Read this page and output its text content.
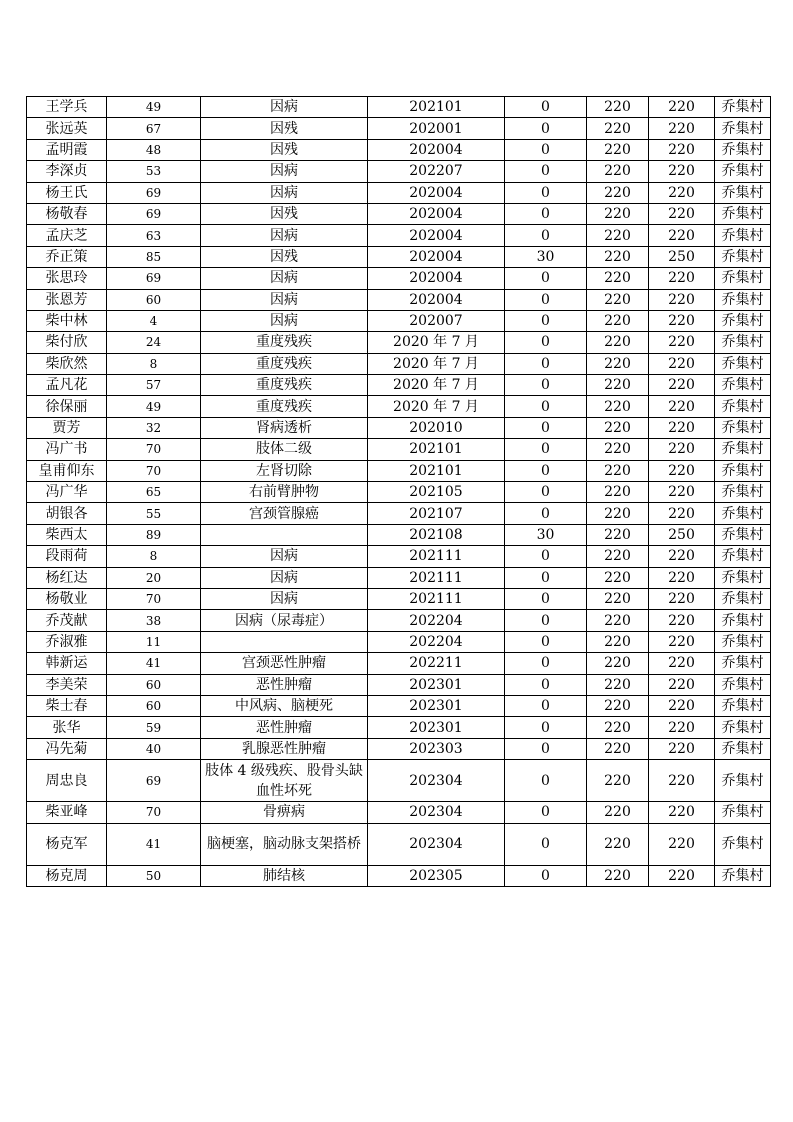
王学兵	49	因病	202101	0	220	220	乔集村
张远英	67	因残	202001	0	220	220	乔集村
孟明霞	48	因残	202004	0	220	220	乔集村
李深贞	53	因病	202207	0	220	220	乔集村
杨王氏	69	因病	202004	0	220	220	乔集村
杨敬春	69	因残	202004	0	220	220	乔集村
孟庆芝	63	因病	202004	0	220	220	乔集村
乔正策	85	因残	202004	30	220	250	乔集村
张思玲	69	因病	202004	0	220	220	乔集村
张恩芳	60	因病	202004	0	220	220	乔集村
柴中林	4	因病	202007	0	220	220	乔集村
柴付欣	24	重度残疾	2020 年 7 月	0	220	220	乔集村
柴欣然	8	重度残疾	2020 年 7 月	0	220	220	乔集村
孟凡花	57	重度残疾	2020 年 7 月	0	220	220	乔集村
徐保丽	49	重度残疾	2020 年 7 月	0	220	220	乔集村
贾芳	32	肾病透析	202010	0	220	220	乔集村
冯广书	70	肢体二级	202101	0	220	220	乔集村
皇甫仰东	70	左肾切除	202101	0	220	220	乔集村
冯广华	65	右前臂肿物	202105	0	220	220	乔集村
胡银各	55	宫颈管腺癌	202107	0	220	220	乔集村
柴西太	89		202108	30	220	250	乔集村
段雨荷	8	因病	202111	0	220	220	乔集村
杨红达	20	因病	202111	0	220	220	乔集村
杨敬业	70	因病	202111	0	220	220	乔集村
乔茂献	38	因病（尿毒症）	202204	0	220	220	乔集村
乔淑雅	11		202204	0	220	220	乔集村
韩新运	41	宫颈恶性肿瘤	202211	0	220	220	乔集村
李美荣	60	恶性肿瘤	202301	0	220	220	乔集村
柴士春	60	中风病、脑梗死	202301	0	220	220	乔集村
张华	59	恶性肿瘤	202301	0	220	220	乔集村
冯先菊	40	乳腺恶性肿瘤	202303	0	220	220	乔集村
周忠良	69	肢体 4 级残疾、股骨头缺血性坏死	202304	0	220	220	乔集村
柴亚峰	70	骨痹病	202304	0	220	220	乔集村
杨克军	41	脑梗塞，脑动脉支架搭桥	202304	0	220	220	乔集村
杨克周	50	肺结核	202305	0	220	220	乔集村
